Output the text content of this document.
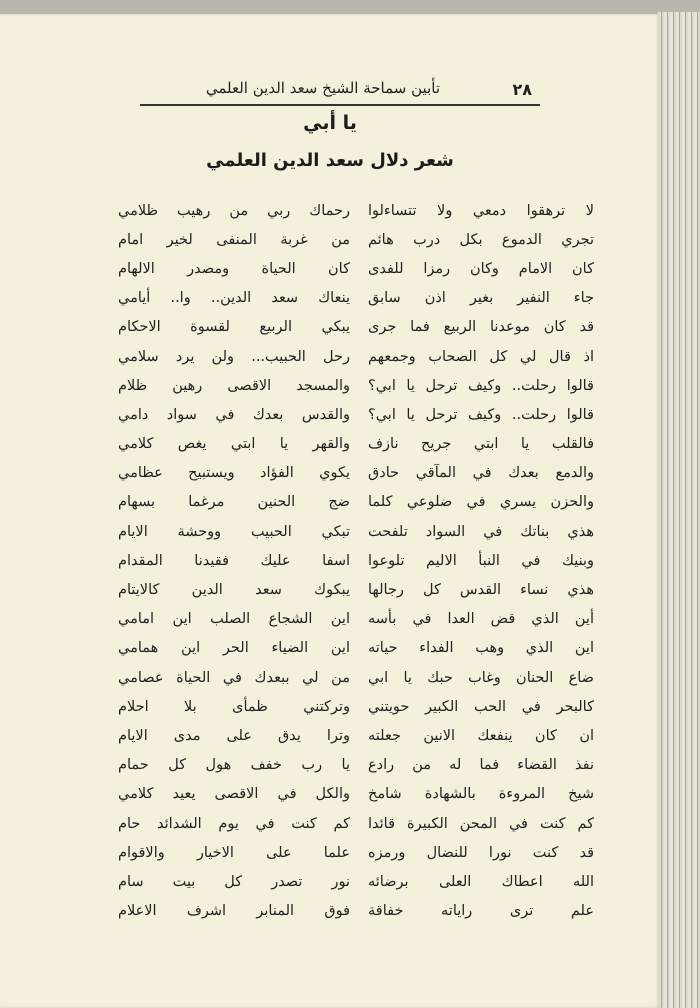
٢٨
تأبين سماحة الشيخ سعد الدين العلمي
يا أبي
شعر دلال سعد الدين العلمي
لا ترهقوا دمعي ولا تتساءلوا
رحماك ربي من رهيب ظلامي
تجري الدموع بكل درب هائم
من غربة المنفى لخير امام
كان الامام وكان رمزا للفدى
كان الحياة ومصدر الالهام
جاء النفير بغير اذن سابق
ينعاك سعد الدين.. وا.. أيامي
قد كان موعدنا الربيع فما جرى
يبكي الربيع لقسوة الاحكام
اذ قال لي كل الصحاب وجمعهم
رحل الحبيب... ولن يرد سلامي
قالوا رحلت.. وكيف ترحل يا ابي؟
والمسجد الاقصى رهين ظلام
قالوا رحلت.. وكيف ترحل يا ابي؟
والقدس بعدك في سواد دامي
فالقلب يا ابتي جريح نازف
والقهر يا ابتي يغص كلامي
والدمع بعدك في المآقي حادق
يكوي الفؤاد ويستبيح عظامي
والحزن يسري في ضلوعي كلما
ضج الحنين مرغما بسهام
هذي بناتك في السواد تلفحت
تبكي الحبيب ووحشة الايام
وبنيك في النبأ الاليم تلوعوا
اسفا عليك فقيدنا المقدام
هذي نساء القدس كل رجالها
يبكوك سعد الدين كالايتام
أين الذي قض العدا في بأسه
اين الشجاع الصلب اين امامي
اين الذي وهب الفداء حياته
اين الضياء الحر اين همامي
ضاع الحنان وغاب حبك يا ابي
من لي ببعدك في الحياة عصامي
كالبحر في الحب الكبير حويتني
وتركتني ظمأى بلا احلام
ان كان ينفعك الانين جعلته
وترا يدق على مدى الايام
نفذ القضاء فما له من رادع
يا رب خفف هول كل حمام
شيخ المروءة بالشهادة شامخ
والكل في الاقصى يعيد كلامي
كم كنت في المحن الكبيرة قائدا
كم كنت في يوم الشدائد حام
قد كنت نورا للنضال ورمزه
علما على الاخيار والاقوام
الله اعطاك العلى برضائه
نور تصدر كل بيت سام
علم ترى راياته خفاقة
فوق المنابر اشرف الاعلام
